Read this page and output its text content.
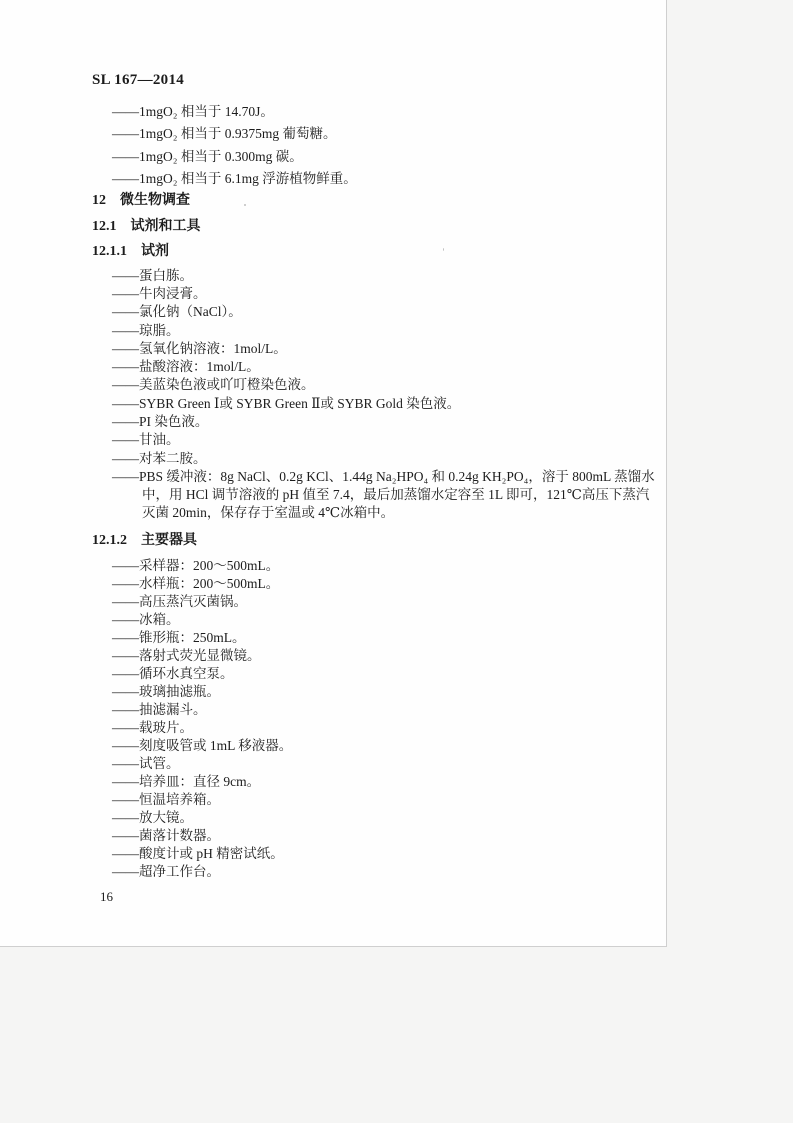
SL 167—2014
——1mgO₂ 相当于 14.70J。
——1mgO₂ 相当于 0.9375mg 葡萄糖。
——1mgO₂ 相当于 0.300mg 碳。
——1mgO₂ 相当于 6.1mg 浮游植物鲜重。
12　微生物调查
12.1　试剂和工具
12.1.1　试剂
——蛋白胨。
——牛肉浸膏。
——氯化钠（NaCl）。
——琼脂。
——氢氧化钠溶液：1mol/L。
——盐酸溶液：1mol/L。
——美蓝染色液或吖叮橙染色液。
——SYBR Green Ⅰ或 SYBR Green Ⅱ或 SYBR Gold 染色液。
——PI 染色液。
——甘油。
——对苯二胺。
——PBS 缓冲液：8g NaCl、0.2g KCl、1.44g Na₂HPO₄ 和 0.24g KH₂PO₄，溶于 800mL 蒸馏水中，用 HCl 调节溶液的 pH 值至 7.4，最后加蒸馏水定容至 1L 即可，121℃高压下蒸汽灭菌 20min，保存存于室温或 4℃冰箱中。
12.1.2　主要器具
——采样器：200～500mL。
——水样瓶：200～500mL。
——高压蒸汽灭菌锅。
——冰箱。
——锥形瓶：250mL。
——落射式荧光显微镜。
——循环水真空泵。
——玻璃抽滤瓶。
——抽滤漏斗。
——载玻片。
——刻度吸管或 1mL 移液器。
——试管。
——培养皿：直径 9cm。
——恒温培养箱。
——放大镜。
——菌落计数器。
——酸度计或 pH 精密试纸。
——超净工作台。
16
